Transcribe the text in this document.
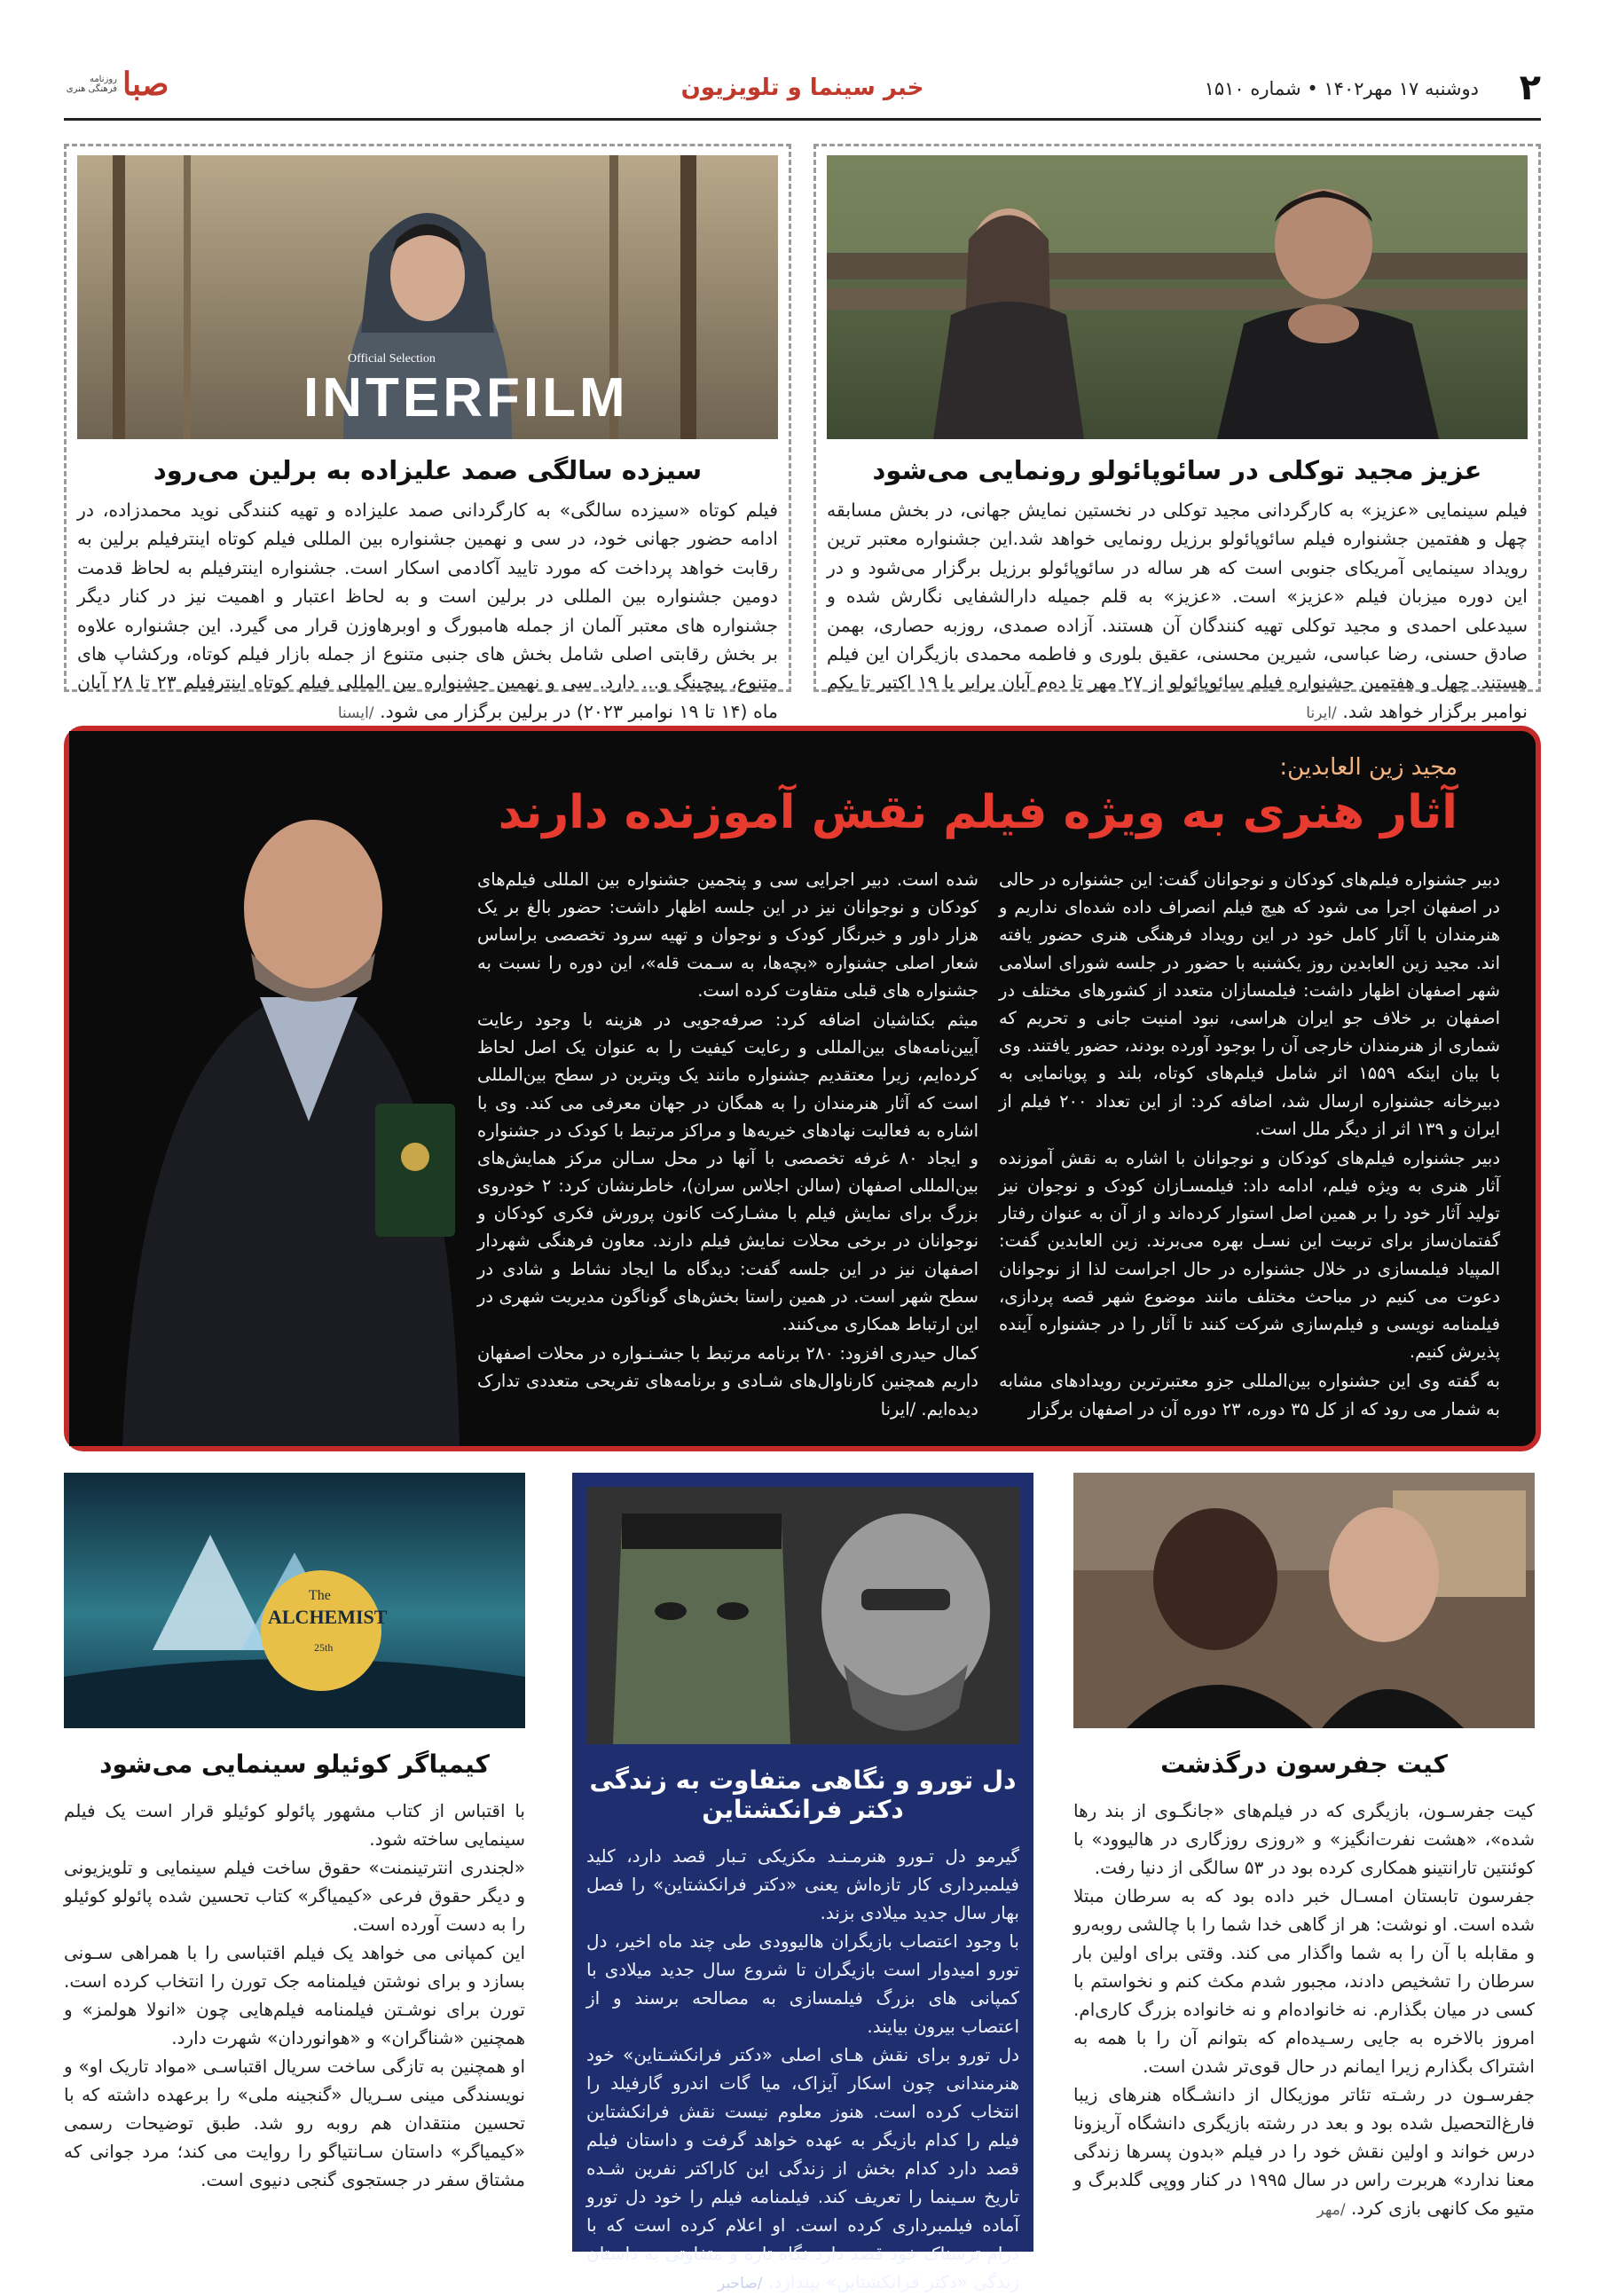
صبا
روزنامه فرهنگی هنری	خبر سینما و تلویزیون	دوشنبه ۱۷ مهر۱۴۰۲ • شماره ۱۵۱۰ ۲
عزیز مجید توکلی در سائوپائولو رونمایی می‌شود

فیلم سینمایی «عزیز» به کارگردانی مجید توکلی در نخستین نمایش جهانی، در بخش مسابقه چهل و هفتمین جشنواره فیلم سائوپائولو برزیل رونمایی خواهد شد.این جشنواره معتبر ترین رویداد سینمایی آمریکای جنوبی است که هر ساله در سائوپائولو برزیل برگزار می‌شود و در این دوره میزبان فیلم «عزیز» است. «عزیز» به قلم جمیله دارالشفایی نگارش شده و سیدعلی احمدی و مجید توکلی تهیه کنندگان آن هستند. آزاده صمدی، روزبه حصاری، بهمن صادق حسنی، رضا عباسی، شیرین محسنی، عقیق بلوری و فاطمه محمدی بازیگران این فیلم هستند. چهل و هفتمین جشنواره فیلم سائوپائولو از ۲۷ مهر تا ده‌م آبان برابر با ۱۹ اکتبر تا یکم نوامبر برگزار خواهد شد. /ایرنا

Official Selection
INTERFILM
سیزده سالگی صمد علیزاده به برلین می‌رود

فیلم کوتاه «سیزده سالگی» به کارگردانی صمد علیزاده و تهیه کنندگی نوید محمدزاده، در ادامه حضور جهانی خود، در سی و نهمین جشنواره بین المللی فیلم کوتاه اینترفیلم برلین به رقابت خواهد پرداخت که مورد تایید آکادمی اسکار است. جشنواره اینترفیلم به لحاظ قدمت دومین جشنواره بین المللی در برلین است و به لحاظ اعتبار و اهمیت نیز در کنار دیگر جشنواره های معتبر آلمان از جمله هامبورگ و اوبرهاوزن قرار می گیرد. این جشنواره علاوه بر بخش رقابتی اصلی شامل بخش های جنبی متنوع از جمله بازار فیلم کوتاه، ورکشاپ های متنوع، پیچینگ و... دارد. سی و نهمین جشنواره بین المللی فیلم کوتاه اینترفیلم ۲۳ تا ۲۸ آبان ماه (۱۴ تا ۱۹ نوامبر ۲۰۲۳) در برلین برگزار می شود. /ایسنا

مجید زین العابدین:
آثار هنری به ویژه فیلم نقش آموزنده دارند

دبیر جشنواره فیلم‌های کودکان و نوجوانان گفت: این جشنواره در حالی در اصفهان اجرا می شود که هیچ فیلم انصراف داده شده‌ای نداریم و هنرمندان با آثار کامل خود در این رویداد فرهنگی هنری حضور یافته اند. مجید زین العابدین روز یکشنبه با حضور در جلسه شورای اسلامی شهر اصفهان اظهار داشت: فیلمسازان متعدد از کشورهای مختلف در اصفهان بر خلاف جو ایران هراسی، نبود امنیت جانی و تحریم که شماری از هنرمندان خارجی آن را بوجود آورده بودند، حضور یافتند. وی با بیان اینکه ۱۵۵۹ اثر شامل فیلم‌های کوتاه، بلند و پویانمایی به دبیرخانه جشنواره ارسال شد، اضافه کرد: از این تعداد ۲۰۰ فیلم از ایران و ۱۳۹ اثر از دیگر ملل است.

دبیر جشنواره فیلم‌های کودکان و نوجوانان با اشاره به نقش آموزنده آثار هنری به ویژه فیلم، ادامه داد: فیلمسـازان کودک و نوجوان نیز تولید آثار خود را بر همین اصل استوار کرده‌اند و از آن به عنوان رفتار گفتمان‌ساز برای تربیت این نسـل بهره می‌برند. زین العابدین گفت: المپیاد فیلمسازی در خلال جشنواره در حال اجراست لذا از نوجوانان دعوت می کنیم در مباحث مختلف مانند موضوع شهر قصه پردازی، فیلمنامه نویسی و فیلم‌سازی شرکت کنند تا آثار را در جشنواره آینده پذیرش کنیم.

به گفته وی این جشنواره بین‌المللی جزو معتبرترین رویدادهای مشابه به شمار می رود که از کل ۳۵ دوره، ۲۳ دوره آن در اصفهان برگزار

شده است. دبیر اجرایی سی و پنجمین جشنواره بین المللی فیلم‌های کودکان و نوجوانان نیز در این جلسه اظهار داشت: حضور بالغ بر یک هزار داور و خبرنگار کودک و نوجوان و تهیه سرود تخصصی براساس شعار اصلی جشنواره «بچه‌ها، به سـمت قله»، این دوره را نسبت به جشنواره های قبلی متفاوت کرده است.

میثم بکتاشیان اضافه کرد: صرفه‌جویی در هزینه با وجود رعایت آیین‌نامه‌های بین‌المللی و رعایت کیفیت را به عنوان یک اصل لحاظ کرده‌ایم، زیرا معتقدیم جشنواره مانند یک ویترین در سطح بین‌المللی است که آثار هنرمندان را به همگان در جهان معرفی می کند. وی با اشاره به فعالیت نهادهای خیریه‌ها و مراکز مرتبط با کودک در جشنواره و ایجاد ۸۰ غرفه تخصصی با آنها در محل سـالن مرکز همایش‌های بین‌المللی اصفهان (سالن اجلاس سران)، خاطرنشان کرد: ۲ خودروی بزرگ برای نمایش فیلم با مشـارکت کانون پرورش فکری کودکان و نوجوانان در برخی محلات نمایش فیلم دارند. معاون فرهنگی شهردار اصفهان نیز در این جلسه گفت: دیدگاه ما ایجاد نشاط و شادی در سطح شهر است. در همین راستا بخش‌های گوناگون مدیریت شهری در این ارتباط همکاری می‌کنند.

کمال حیدری افزود: ۲۸۰ برنامه مرتبط با جشـنـواره در محلات اصفهان داریم همچنین کارناوال‌های شـادی و برنامه‌های تفریحی متعددی تدارک دیده‌ایم. /ایرنا

کیت جفرسون درگذشت

کیت جفرسـون، بازیگری که در فیلم‌های «جانگـوی از بند رها شده»، «هشت نفرت‌انگیز» و «روزی روزگاری در هالیوود» با کوئنتین تارانتینو همکاری کرده بود در ۵۳ سالگی از دنیا رفت.

جفرسون تابستان امسـال خبر داده بود که به سرطان مبتلا شده است. او نوشت: هر از گاهی خدا شما را با چالشی روبه‌رو و مقابله با آن را به شما واگذار می کند. وقتی برای اولین بار سرطان را تشخیص دادند، مجبور شدم مکث کنم و نخواستم با کسی در میان بگذارم. نه خانواده‌ام و نه خانواده بزرگ کاری‌ام. امروز بالاخره به جایی رسـیده‌ام که بتوانم آن را با همه به اشتراک بگذارم زیرا ایمانم در حال قوی‌تر شدن است.

جفرسـون در رشـته تئاتر موزیکال از دانشـگاه هنرهای زیبا فارغ‌التحصیل شده بود و بعد در رشته بازیگری دانشگاه آریزونا درس خواند و اولین نقش خود را در فیلم «بدون پسرها زندگی معنا ندارد» هربرت راس در سال ۱۹۹۵ در کنار ووپی گلدبرگ و متیو مک کانهی بازی کرد. /مهر

دل تورو و نگاهی متفاوت به زندگی دکتر فرانکشتاین

گیرمو دل تـورو هنرمـنـد مکزیکی تـبار قصد دارد، کلید فیلمبرداری کار تازه‌اش یعنی «دکتر فرانکشتاین» را فصل بهار سال جدید میلادی بزند.

با وجود اعتصاب بازیگران هالیوودی طی چند ماه اخیر، دل تورو امیدوار است بازیگران تا شروع سال جدید میلادی با کمپانی های بزرگ فیلمسازی به مصالحه برسند و از اعتصاب بیرون بیایند.

دل تورو برای نقش هـای اصلی «دکتر فرانکشـتاین» خود هنرمندانی چون اسکار آیزاک، میا گات اندرو گارفیلد را انتخاب کرده است. هنوز معلوم نیست نقش فرانکشتاین فیلم را کدام بازیگر به عهده خواهد گرفت و داستان فیلم قصد دارد کدام بخش از زندگی این کاراکتر نفرین شـده تاریخ سـینما را تعریف کند. فیلمنامه فیلم را خود دل تورو آماده فیلمبرداری کرده است. او اعلام کرده است که با درام ترسناک خود قصد دارد نگاه تازه و متفاوتی به داستان زندگی «دکتر فرانکشتاین» بپندازد. /صاحبر

The
ALCHEMIST
25th
کیمیاگر کوئیلو سینمایی می‌شود

با اقتباس از کتاب مشهور پائولو کوئیلو قرار است یک فیلم سینمایی ساخته شود.

«لجندری انترتینمنت» حقوق ساخت فیلم سینمایی و تلویزیونی و دیگر حقوق فرعی «کیمیاگر» کتاب تحسین شده پائولو کوئیلو را به دست آورده است.

این کمپانی می خواهد یک فیلم اقتباسی را با همراهی سـونی بسازد و برای نوشتن فیلمنامه جک تورن را انتخاب کرده است. تورن برای نوشـتن فیلمنامه فیلم‌هایی چون «انولا هولمز» و همچنین «شناگران» و «هوانوردان» شهرت دارد.

او همچنین به تازگی ساخت سریال اقتباسـی «مواد تاریک او» و نویسندگی مینی سـریال «گنجینه ملی» را برعهده داشته که با تحسین منتقدان هم روبه رو شد. طبق توضیحات رسمی «کیمیاگر» داستان سـانتیاگو را روایت می کند؛ مرد جوانی که مشتاق سفر در جستجوی گنجی دنیوی است.
